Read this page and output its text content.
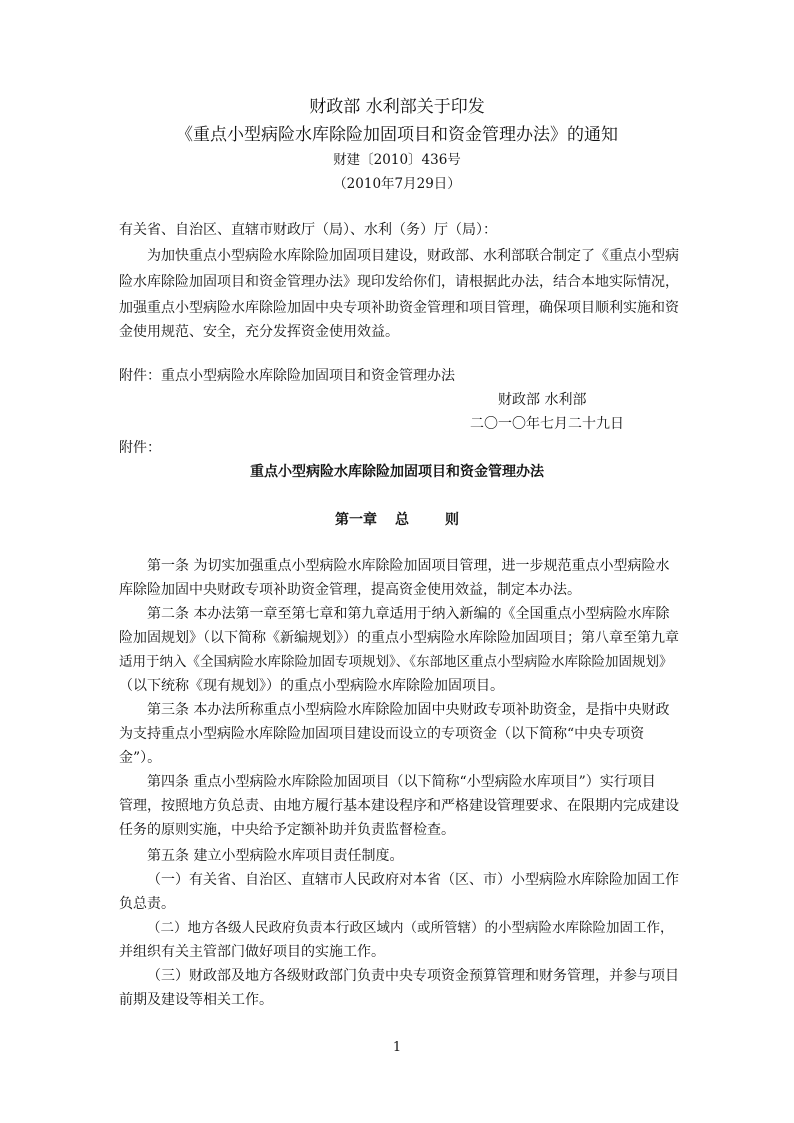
财政部 水利部关于印发
《重点小型病险水库除险加固项目和资金管理办法》的通知
财建〔2010〕436号
（2010年7月29日）
有关省、自治区、直辖市财政厅（局）、水利（务）厅（局）：
为加快重点小型病险水库除险加固项目建设，财政部、水利部联合制定了《重点小型病
险水库除险加固项目和资金管理办法》现印发给你们，请根据此办法，结合本地实际情况，
加强重点小型病险水库除险加固中央专项补助资金管理和项目管理，确保项目顺利实施和资
金使用规范、安全，充分发挥资金使用效益。
附件：重点小型病险水库除险加固项目和资金管理办法
财政部 水利部
二〇一〇年七月二十九日
附件：
重点小型病险水库除险加固项目和资金管理办法
第一章 总	则
第一条 为切实加强重点小型病险水库除险加固项目管理，进一步规范重点小型病险水
库除险加固中央财政专项补助资金管理，提高资金使用效益，制定本办法。
第二条 本办法第一章至第七章和第九章适用于纳入新编的《全国重点小型病险水库除
险加固规划》（以下简称《新编规划》）的重点小型病险水库除险加固项目；第八章至第九章
适用于纳入《全国病险水库除险加固专项规划》、《东部地区重点小型病险水库除险加固规划》
（以下统称《现有规划》）的重点小型病险水库除险加固项目。
第三条 本办法所称重点小型病险水库除险加固中央财政专项补助资金，是指中央财政
为支持重点小型病险水库除险加固项目建设而设立的专项资金（以下简称“中央专项资
金”）。
第四条 重点小型病险水库除险加固项目（以下简称“小型病险水库项目”）实行项目
管理，按照地方负总责、由地方履行基本建设程序和严格建设管理要求、在限期内完成建设
任务的原则实施，中央给予定额补助并负责监督检查。
第五条 建立小型病险水库项目责任制度。
（一）有关省、自治区、直辖市人民政府对本省（区、市）小型病险水库除险加固工作
负总责。
（二）地方各级人民政府负责本行政区域内（或所管辖）的小型病险水库除险加固工作，
并组织有关主管部门做好项目的实施工作。
（三）财政部及地方各级财政部门负责中央专项资金预算管理和财务管理，并参与项目
前期及建设等相关工作。
1
